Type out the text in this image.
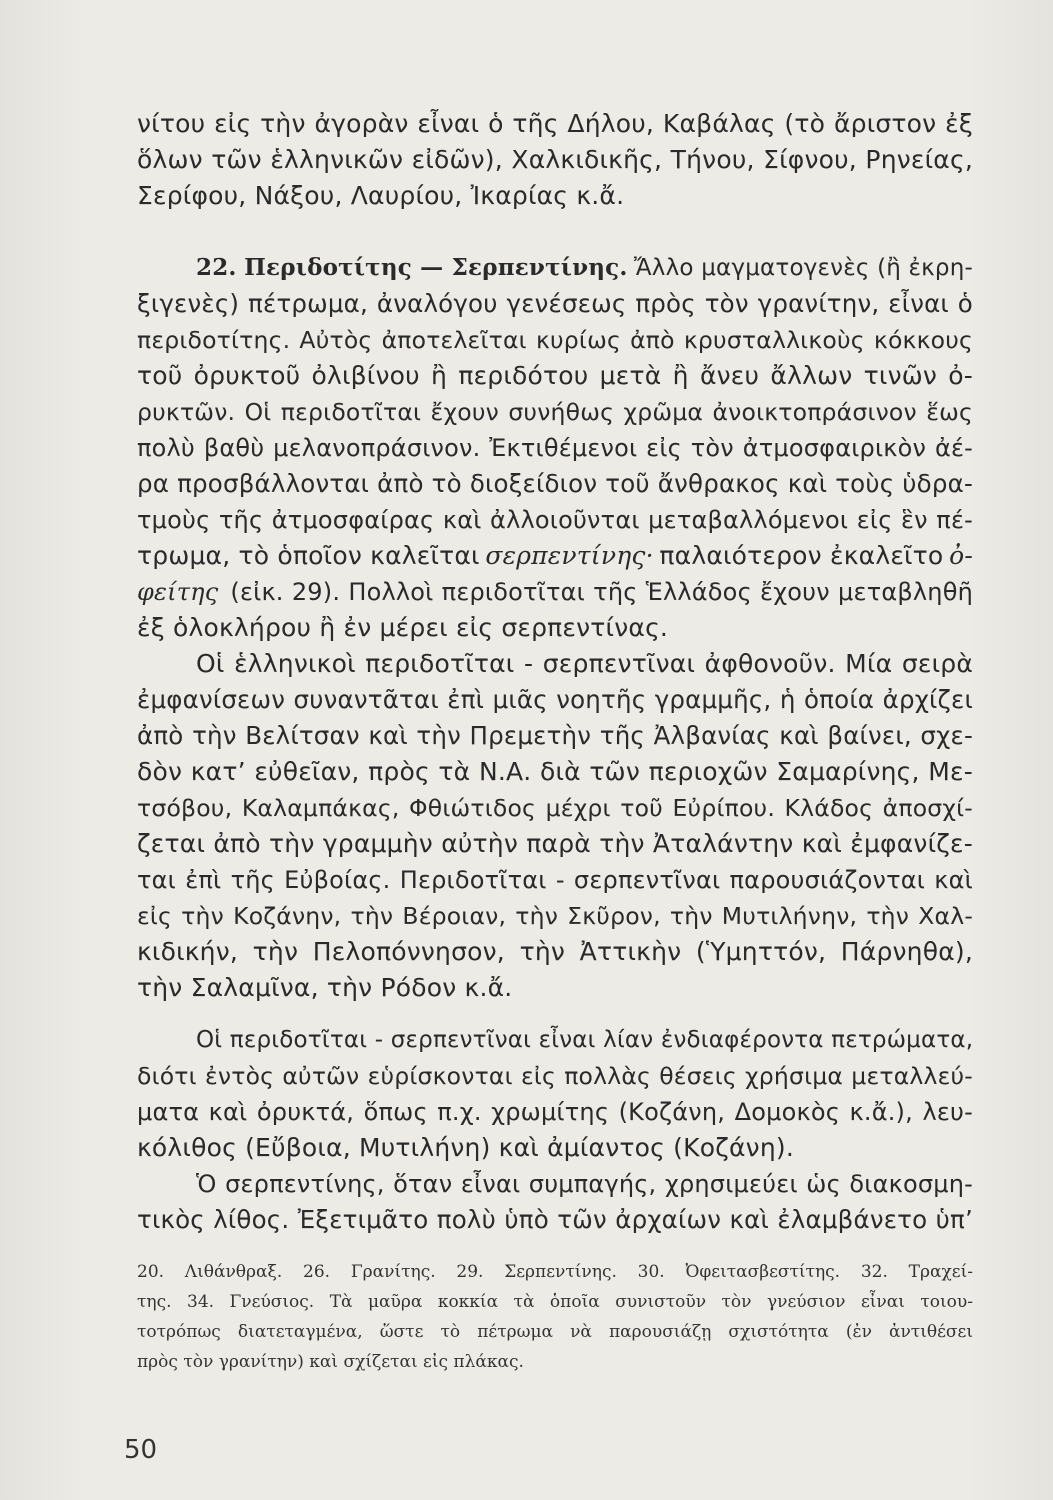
νίτου εἰς τὴν ἀγορὰν εἶναι ὁ τῆς Δήλου, Καβάλας (τὸ ἄριστον ἐξ
ὅλων τῶν ἑλληνικῶν εἰδῶν), Χαλκιδικῆς, Τήνου, Σίφνου, Ρηνείας,
Σερίφου, Νάξου, Λαυρίου, Ἰκαρίας κ.ἄ.
22. Περιδοτίτης — Σερπεντίνης. Ἄλλο μαγματογενὲς (ἢ ἐκρη-
ξιγενὲς) πέτρωμα, ἀναλόγου γενέσεως πρὸς τὸν γρανίτην, εἶναι ὁ
περιδοτίτης. Αὐτὸς ἀποτελεῖται κυρίως ἀπὸ κρυσταλλικοὺς κόκκους
τοῦ ὀρυκτοῦ ὀλιβίνου ἢ περιδότου μετὰ ἢ ἄνευ ἄλλων τινῶν ὀ-
ρυκτῶν. Οἱ περιδοτῖται ἔχουν συνήθως χρῶμα ἀνοικτοπράσινον ἕως
πολὺ βαθὺ μελανοπράσινον. Ἐκτιθέμενοι εἰς τὸν ἀτμοσφαιρικὸν ἀέ-
ρα προσβάλλονται ἀπὸ τὸ διοξείδιον τοῦ ἄνθρακος καὶ τοὺς ὑδρα-
τμοὺς τῆς ἀτμοσφαίρας καὶ ἀλλοιοῦνται μεταβαλλόμενοι εἰς ἓν πέ-
τρωμα, τὸ ὁποῖον καλεῖται σερπεντίνης· παλαιότερον ἐκαλεῖτο ὀ-
φείτης (εἰκ. 29). Πολλοὶ περιδοτῖται τῆς Ἑλλάδος ἔχουν μεταβληθῆ
ἐξ ὁλοκλήρου ἢ ἐν μέρει εἰς σερπεντίνας.
Οἱ ἑλληνικοὶ περιδοτῖται - σερπεντῖναι ἀφθονοῦν. Μία σειρὰ
ἐμφανίσεων συναντᾶται ἐπὶ μιᾶς νοητῆς γραμμῆς, ἡ ὁποία ἀρχίζει
ἀπὸ τὴν Βελίτσαν καὶ τὴν Πρεμετὴν τῆς Ἀλβανίας καὶ βαίνει, σχε-
δὸν κατ’ εὐθεῖαν, πρὸς τὰ Ν.Α. διὰ τῶν περιοχῶν Σαμαρίνης, Με-
τσόβου, Καλαμπάκας, Φθιώτιδος μέχρι τοῦ Εὐρίπου. Κλάδος ἀποσχί-
ζεται ἀπὸ τὴν γραμμὴν αὐτὴν παρὰ τὴν Ἀταλάντην καὶ ἐμφανίζε-
ται ἐπὶ τῆς Εὐβοίας. Περιδοτῖται - σερπεντῖναι παρουσιάζονται καὶ
εἰς τὴν Κοζάνην, τὴν Βέροιαν, τὴν Σκῦρον, τὴν Μυτιλήνην, τὴν Χαλ-
κιδικήν, τὴν Πελοπόννησον, τὴν Ἀττικὴν (Ὑμηττόν, Πάρνηθα),
τὴν Σαλαμῖνα, τὴν Ρόδον κ.ἄ.
Οἱ περιδοτῖται - σερπεντῖναι εἶναι λίαν ἐνδιαφέροντα πετρώματα,
διότι ἐντὸς αὐτῶν εὑρίσκονται εἰς πολλὰς θέσεις χρήσιμα μεταλλεύ-
ματα καὶ ὀρυκτά, ὅπως π.χ. χρωμίτης (Κοζάνη, Δομοκὸς κ.ἄ.), λευ-
κόλιθος (Εὔβοια, Μυτιλήνη) καὶ ἀμίαντος (Κοζάνη).
Ὁ σερπεντίνης, ὅταν εἶναι συμπαγής, χρησιμεύει ὡς διακοσμη-
τικὸς λίθος. Ἐξετιμᾶτο πολὺ ὑπὸ τῶν ἀρχαίων καὶ ἐλαμβάνετο ὑπ’
20. Λιθάνθραξ. 26. Γρανίτης. 29. Σερπεντίνης. 30. Ὀφειτασβεστίτης. 32. Τραχεί-
της. 34. Γνεύσιος. Τὰ μαῦρα κοκκία τὰ ὁποῖα συνιστοῦν τὸν γνεύσιον εἶναι τοιου-
τοτρόπως διατεταγμένα, ὥστε τὸ πέτρωμα νὰ παρουσιάζῃ σχιστότητα (ἐν ἀντιθέσει
πρὸς τὸν γρανίτην) καὶ σχίζεται εἰς πλάκας.
50
